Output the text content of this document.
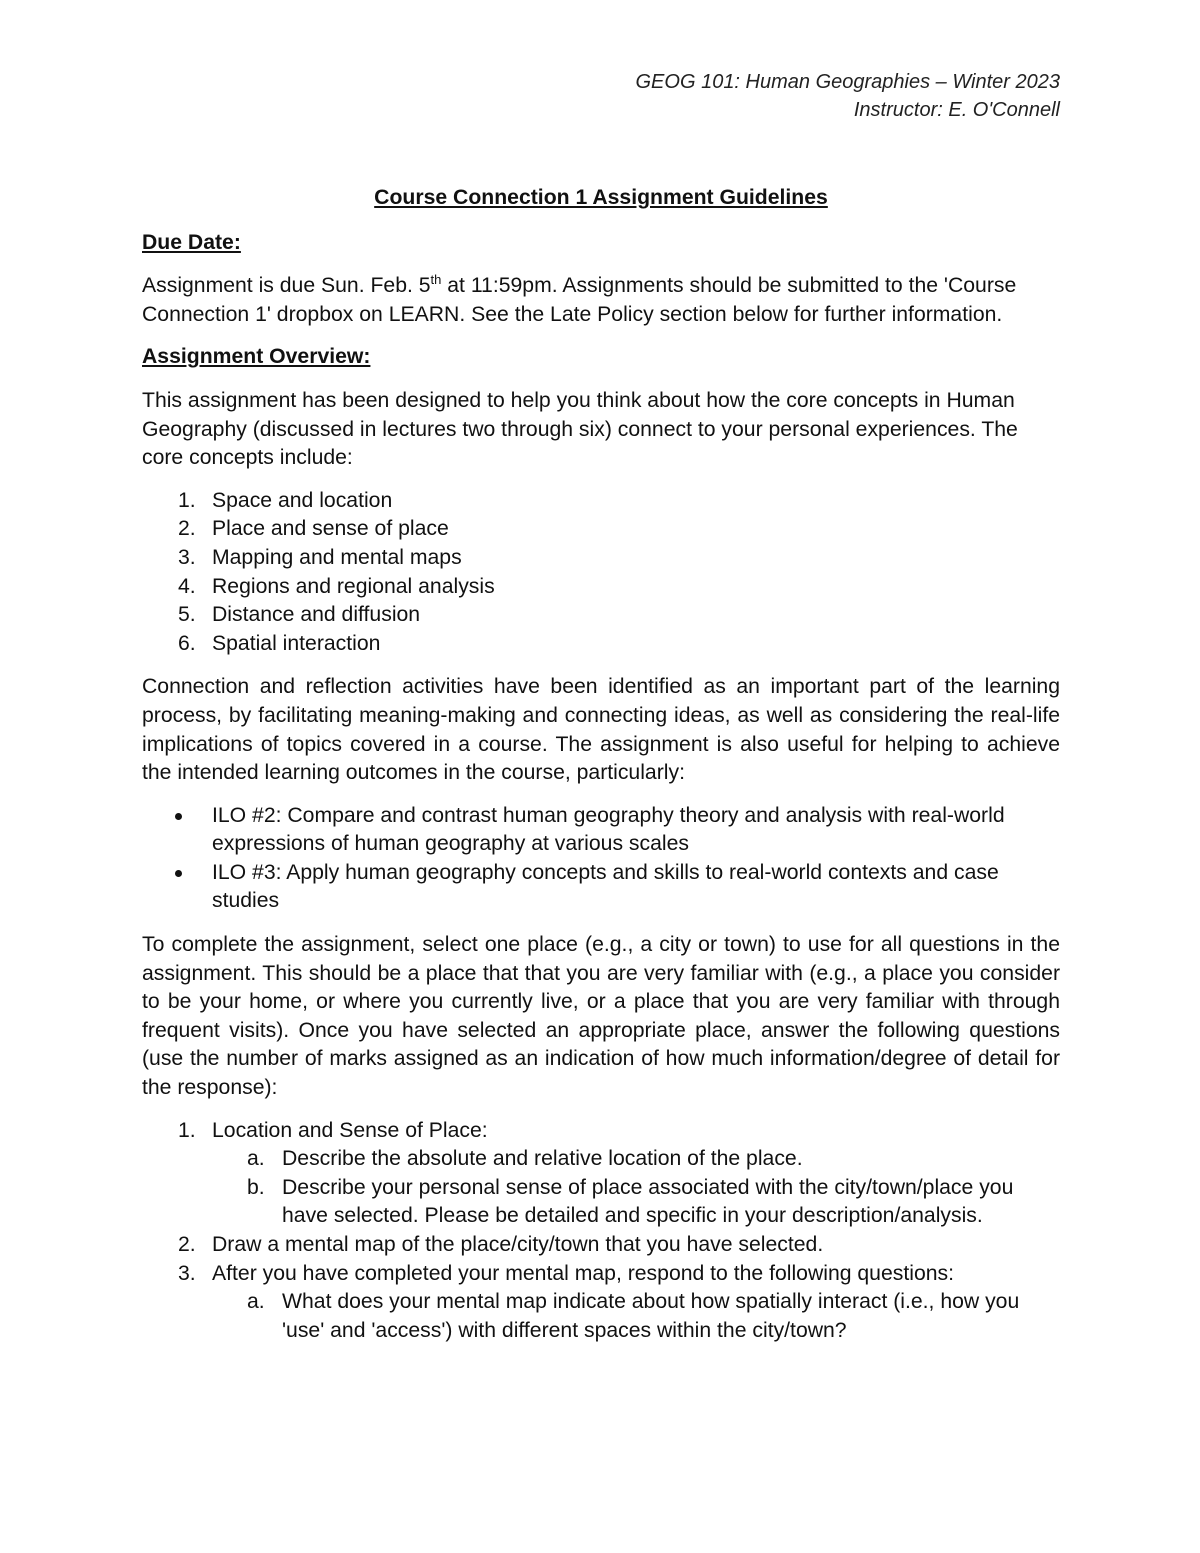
GEOG 101: Human Geographies – Winter 2023
Instructor: E. O'Connell
Course Connection 1 Assignment Guidelines
Due Date:

Assignment is due Sun. Feb. 5th at 11:59pm. Assignments should be submitted to the 'Course Connection 1' dropbox on LEARN. See the Late Policy section below for further information.

Assignment Overview:

This assignment has been designed to help you think about how the core concepts in Human Geography (discussed in lectures two through six) connect to your personal experiences. The core concepts include:

1. Space and location
2. Place and sense of place
3. Mapping and mental maps
4. Regions and regional analysis
5. Distance and diffusion
6. Spatial interaction

Connection and reflection activities have been identified as an important part of the learning process, by facilitating meaning-making and connecting ideas, as well as considering the real-life implications of topics covered in a course. The assignment is also useful for helping to achieve the intended learning outcomes in the course, particularly:

ILO #2: Compare and contrast human geography theory and analysis with real-world expressions of human geography at various scales
ILO #3: Apply human geography concepts and skills to real-world contexts and case studies

To complete the assignment, select one place (e.g., a city or town) to use for all questions in the assignment. This should be a place that that you are very familiar with (e.g., a place you consider to be your home, or where you currently live, or a place that you are very familiar with through frequent visits). Once you have selected an appropriate place, answer the following questions (use the number of marks assigned as an indication of how much information/degree of detail for the response):

1. Location and Sense of Place:
a. Describe the absolute and relative location of the place.
b. Describe your personal sense of place associated with the city/town/place you have selected. Please be detailed and specific in your description/analysis.
2. Draw a mental map of the place/city/town that you have selected.
3. After you have completed your mental map, respond to the following questions:
a. What does your mental map indicate about how spatially interact (i.e., how you 'use' and 'access') with different spaces within the city/town?
